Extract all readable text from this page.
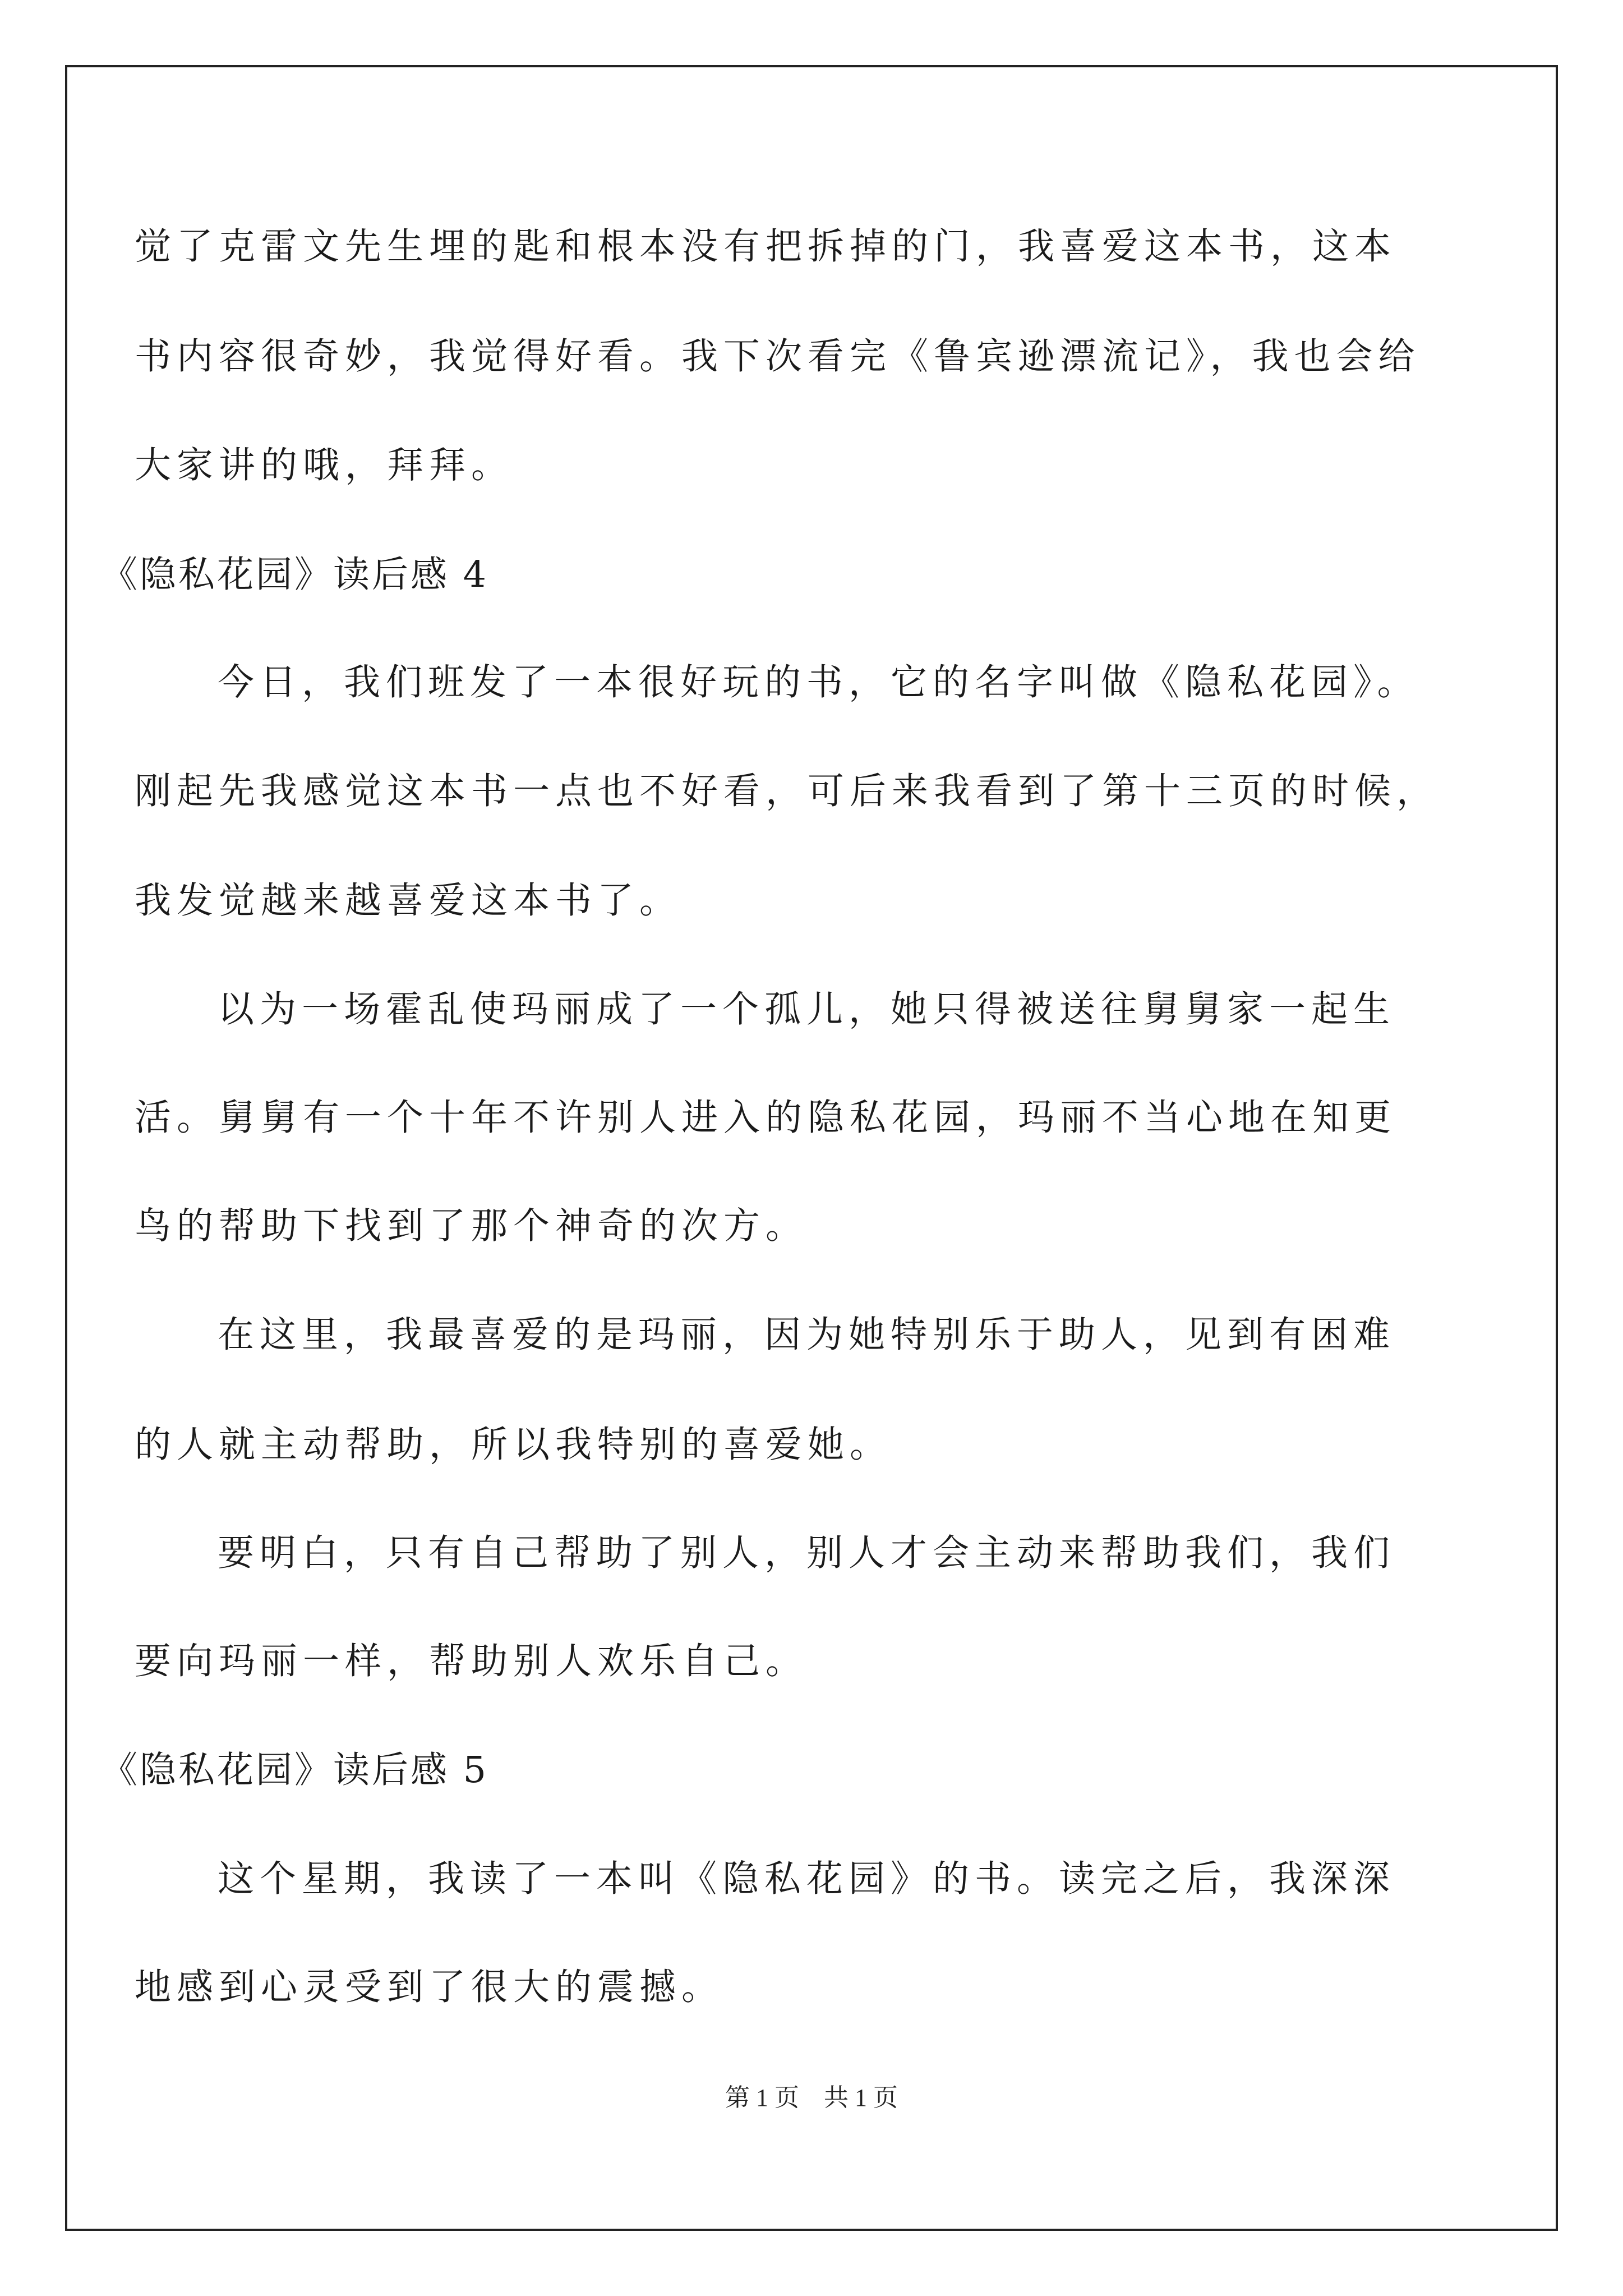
觉了克雷文先生埋的匙和根本没有把拆掉的门，我喜爱这本书，这本
书内容很奇妙，我觉得好看。我下次看完《鲁宾逊漂流记》，我也会给
大家讲的哦，拜拜。
《隐私花园》读后感 4
今日，我们班发了一本很好玩的书，它的名字叫做《隐私花园》。
刚起先我感觉这本书一点也不好看，可后来我看到了第十三页的时候，
我发觉越来越喜爱这本书了。
以为一场霍乱使玛丽成了一个孤儿，她只得被送往舅舅家一起生
活。舅舅有一个十年不许别人进入的隐私花园，玛丽不当心地在知更
鸟的帮助下找到了那个神奇的次方。
在这里，我最喜爱的是玛丽，因为她特别乐于助人，见到有困难
的人就主动帮助，所以我特别的喜爱她。
要明白，只有自己帮助了别人，别人才会主动来帮助我们，我们
要向玛丽一样，帮助别人欢乐自己。
《隐私花园》读后感 5
这个星期，我读了一本叫《隐私花园》的书。读完之后，我深深
地感到心灵受到了很大的震撼。
第 1 页　共 1 页
